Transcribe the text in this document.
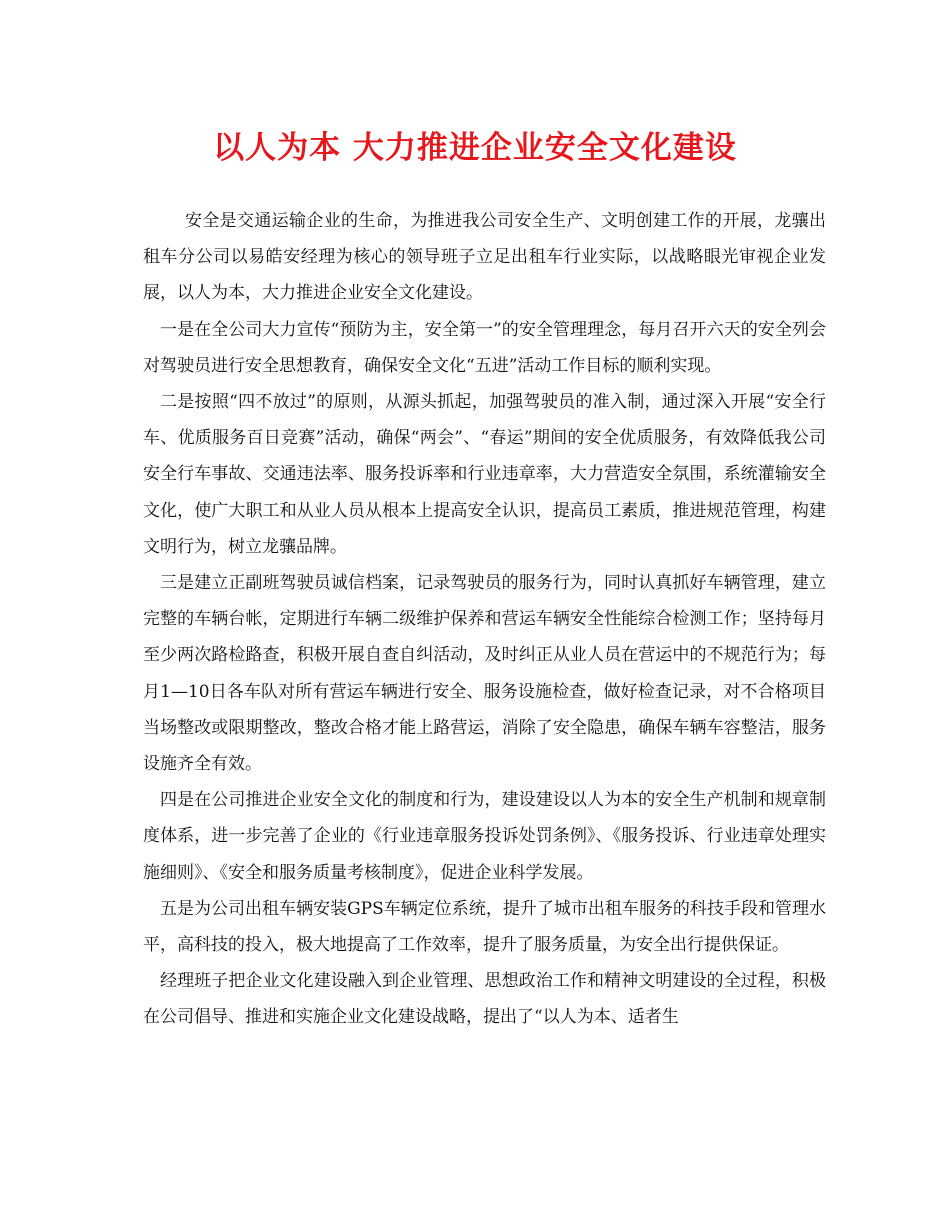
以人为本 大力推进企业安全文化建设

安全是交通运输企业的生命，为推进我公司安全生产、文明创建工作的开展，龙骧出租车分公司以易皓安经理为核心的领导班子立足出租车行业实际，以战略眼光审视企业发展，以人为本，大力推进企业安全文化建设。

一是在全公司大力宣传“预防为主，安全第一”的安全管理理念，每月召开六天的安全列会对驾驶员进行安全思想教育，确保安全文化“五进”活动工作目标的顺利实现。

二是按照“四不放过”的原则，从源头抓起，加强驾驶员的准入制，通过深入开展“安全行车、优质服务百日竞赛”活动，确保“两会”、“春运”期间的安全优质服务，有效降低我公司安全行车事故、交通违法率、服务投诉率和行业违章率，大力营造安全氛围，系统灌输安全文化，使广大职工和从业人员从根本上提高安全认识，提高员工素质，推进规范管理，构建文明行为，树立龙骧品牌。

三是建立正副班驾驶员诚信档案，记录驾驶员的服务行为，同时认真抓好车辆管理，建立完整的车辆台帐，定期进行车辆二级维护保养和营运车辆安全性能综合检测工作；坚持每月至少两次路检路查，积极开展自查自纠活动，及时纠正从业人员在营运中的不规范行为；每月1—10日各车队对所有营运车辆进行安全、服务设施检查，做好检查记录，对不合格项目当场整改或限期整改，整改合格才能上路营运，消除了安全隐患，确保车辆车容整洁，服务设施齐全有效。

四是在公司推进企业安全文化的制度和行为，建设建设以人为本的安全生产机制和规章制度体系，进一步完善了企业的《行业违章服务投诉处罚条例》、《服务投诉、行业违章处理实施细则》、《安全和服务质量考核制度》，促进企业科学发展。

五是为公司出租车辆安装GPS车辆定位系统，提升了城市出租车服务的科技手段和管理水平，高科技的投入，极大地提高了工作效率，提升了服务质量，为安全出行提供保证。

经理班子把企业文化建设融入到企业管理、思想政治工作和精神文明建设的全过程，积极在公司倡导、推进和实施企业文化建设战略，提出了“以人为本、适者生
